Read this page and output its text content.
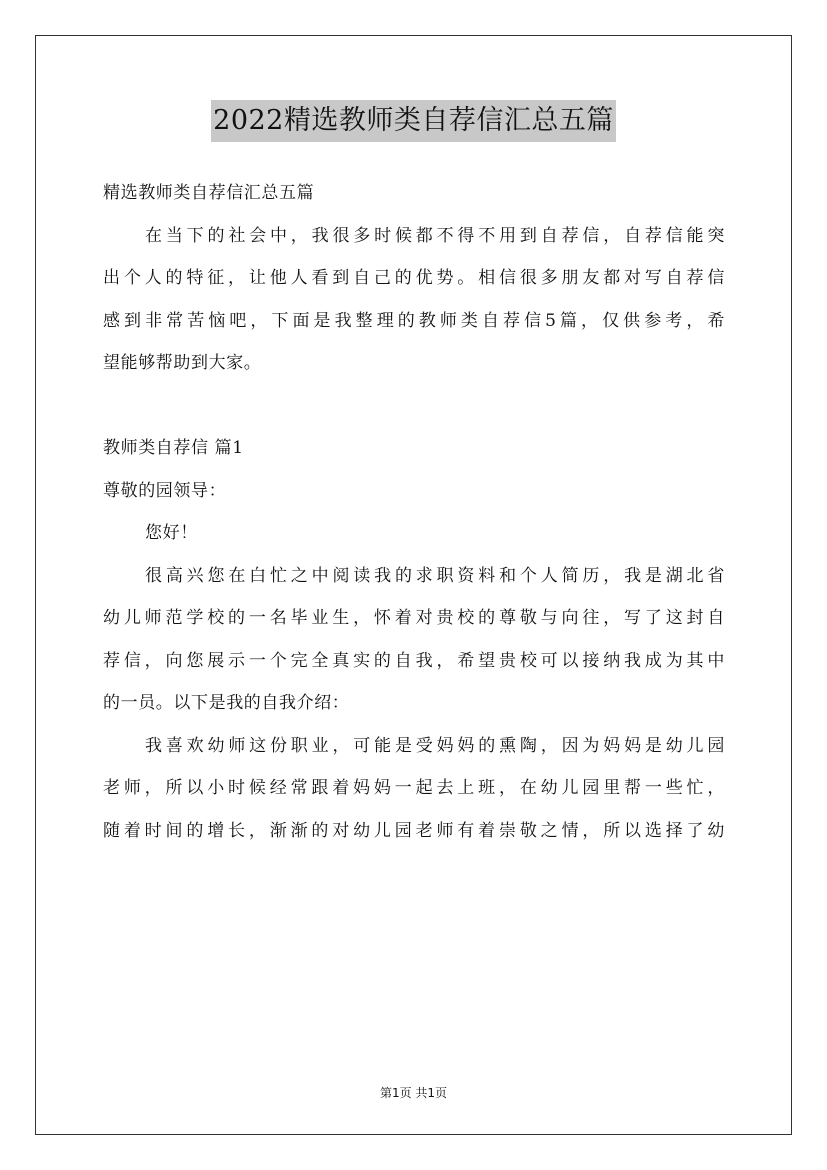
2022精选教师类自荐信汇总五篇
精选教师类自荐信汇总五篇
在当下的社会中，我很多时候都不得不用到自荐信，自荐信能突
出个人的特征，让他人看到自己的优势。相信很多朋友都对写自荐信
感到非常苦恼吧，下面是我整理的教师类自荐信5篇，仅供参考，希
望能够帮助到大家。
教师类自荐信 篇1
尊敬的园领导：
您好！
很高兴您在白忙之中阅读我的求职资料和个人简历，我是湖北省
幼儿师范学校的一名毕业生，怀着对贵校的尊敬与向往，写了这封自
荐信，向您展示一个完全真实的自我，希望贵校可以接纳我成为其中
的一员。以下是我的自我介绍：
我喜欢幼师这份职业，可能是受妈妈的熏陶，因为妈妈是幼儿园
老师，所以小时候经常跟着妈妈一起去上班，在幼儿园里帮一些忙，
随着时间的增长，渐渐的对幼儿园老师有着崇敬之情，所以选择了幼
第1页 共1页
